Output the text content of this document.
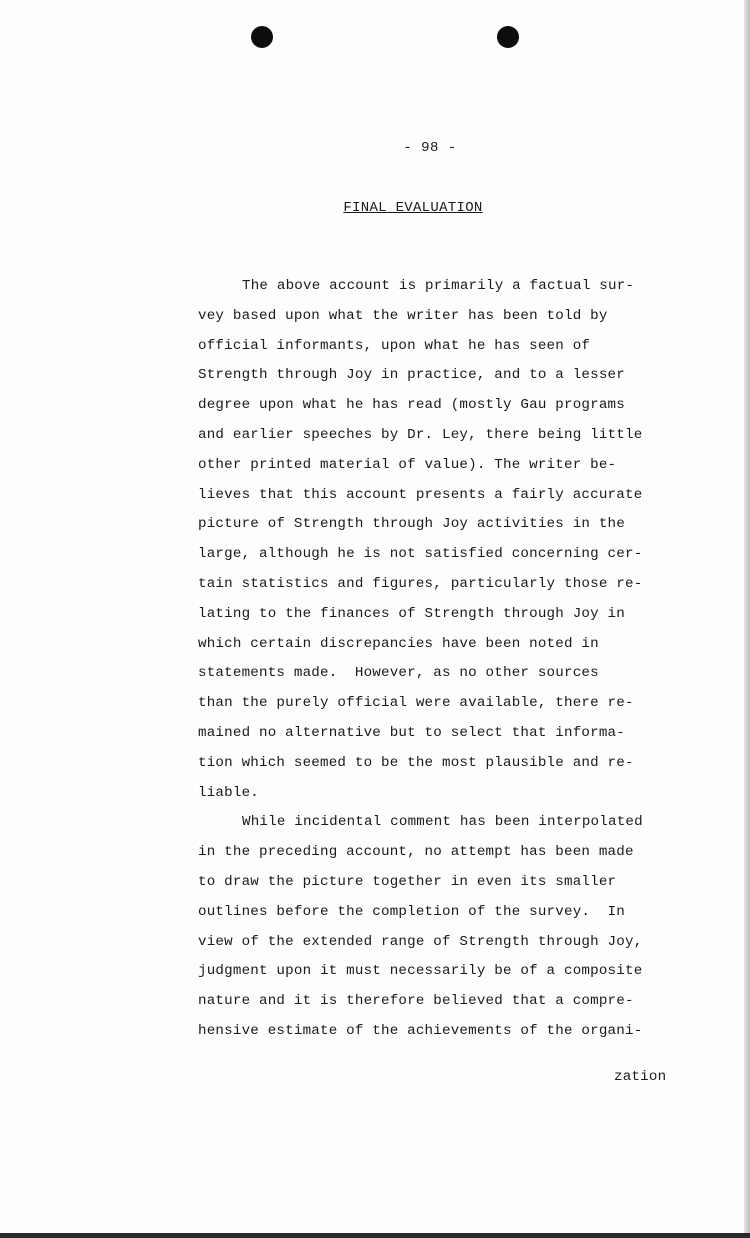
- 98 -
FINAL EVALUATION
The above account is primarily a factual sur-
vey based upon what the writer has been told by
official informants, upon what he has seen of
Strength through Joy in practice, and to a lesser
degree upon what he has read (mostly Gau programs
and earlier speeches by Dr. Ley, there being little
other printed material of value). The writer be-
lieves that this account presents a fairly accurate
picture of Strength through Joy activities in the
large, although he is not satisfied concerning cer-
tain statistics and figures, particularly those re-
lating to the finances of Strength through Joy in
which certain discrepancies have been noted in
statements made.  However, as no other sources
than the purely official were available, there re-
mained no alternative but to select that informa-
tion which seemed to be the most plausible and re-
liable.
While incidental comment has been interpolated
in the preceding account, no attempt has been made
to draw the picture together in even its smaller
outlines before the completion of the survey.  In
view of the extended range of Strength through Joy,
judgment upon it must necessarily be of a composite
nature and it is therefore believed that a compre-
hensive estimate of the achievements of the organi-
zation
